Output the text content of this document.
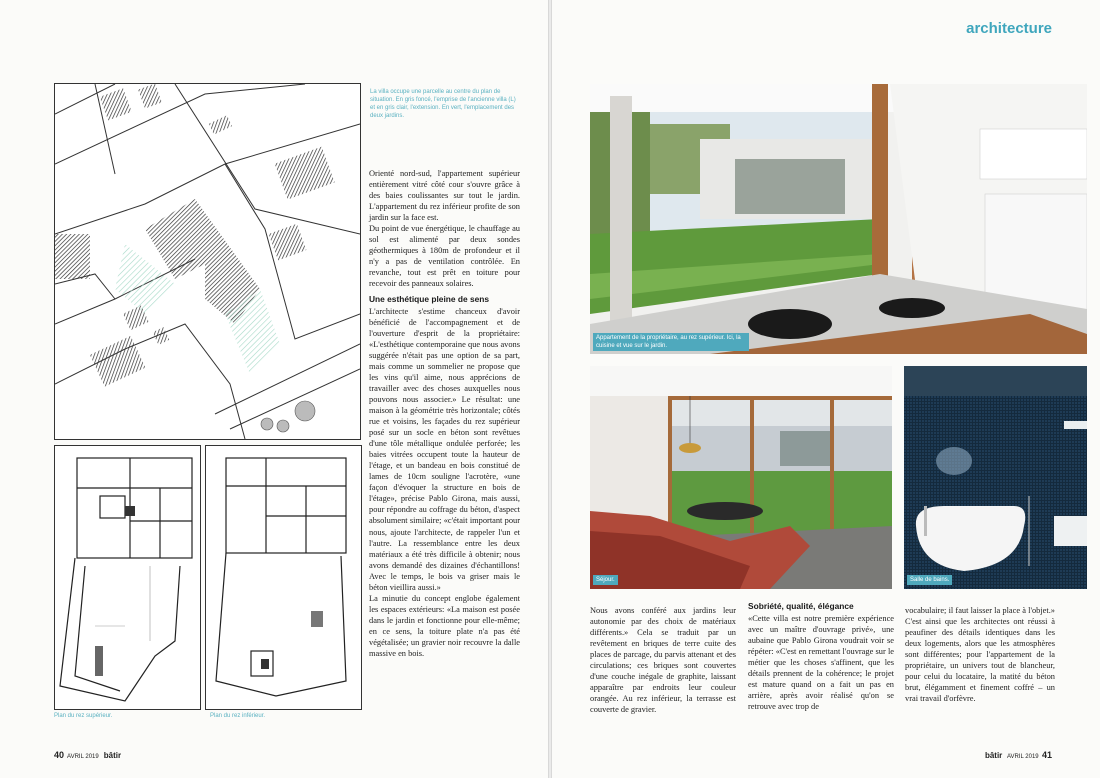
La villa occupe une parcelle au centre du plan de situation. En gris foncé, l'emprise de l'ancienne villa (L) et en gris clair, l'extension. En vert, l'emplacement des deux jardins.
Plan du rez supérieur.	Plan du rez inférieur.

Orienté nord-sud, l'appartement supérieur entièrement vitré côté cour s'ouvre grâce à des baies coulissantes sur tout le jardin. L'appartement du rez inférieur profite de son jardin sur la face est.

Du point de vue énergétique, le chauffage au sol est alimenté par deux sondes géothermiques à 180m de profondeur et il n'y a pas de ventilation contrôlée. En revanche, tout est prêt en toiture pour recevoir des panneaux solaires.

Une esthétique pleine de sens

L'architecte s'estime chanceux d'avoir bénéficié de l'accompagnement et de l'ouverture d'esprit de la propriétaire: «L'esthétique contemporaine que nous avons suggérée n'était pas une option de sa part, mais comme un sommelier ne propose que les vins qu'il aime, nous apprécions de travailler avec des choses auxquelles nous pouvons nous associer.» Le résultat: une maison à la géométrie très horizontale; côtés rue et voisins, les façades du rez supérieur posé sur un socle en béton sont revêtues d'une tôle métallique ondulée perforée; les baies vitrées occupent toute la hauteur de l'étage, et un bandeau en bois constitué de lames de 10cm souligne l'acrotère, «une façon d'évoquer la structure en bois de l'étage», précise Pablo Girona, mais aussi, pour répondre au coffrage du béton, d'aspect absolument similaire; «c'était important pour nous, ajoute l'architecte, de rappeler l'un et l'autre. La ressemblance entre les deux matériaux a été très difficile à obtenir; nous avons demandé des dizaines d'échantillons! Avec le temps, le bois va griser mais le béton vieillira aussi.»

La minutie du concept englobe également les espaces extérieurs: «La maison est posée dans le jardin et fonctionne pour elle-même; en ce sens, la toiture plate n'a pas été végétalisée; un gravier noir recouvre la dalle massive en bois.

40 AVRIL 2019 bâtir
architecture
Appartement de la propriétaire, au rez supérieur. Ici, la cuisine et vue sur le jardin.
Séjour.	Salle de bains.

Nous avons conféré aux jardins leur autonomie par des choix de matériaux différents.» Cela se traduit par un revêtement en briques de terre cuite des places de parcage, du parvis attenant et des circulations; ces briques sont couvertes d'une couche inégale de graphite, laissant apparaître par endroits leur couleur orangée. Au rez inférieur, la terrasse est couverte de gravier.

Sobriété, qualité, élégance

«Cette villa est notre première expérience avec un maître d'ouvrage privé», une aubaine que Pablo Girona voudrait voir se répéter: «C'est en remettant l'ouvrage sur le métier que les choses s'affinent, que les détails prennent de la cohérence; le projet est mature quand on a fait un pas en arrière, après avoir réalisé qu'on se retrouve avec trop de

vocabulaire; il faut laisser la place à l'objet.» C'est ainsi que les architectes ont réussi à peaufiner des détails identiques dans les deux logements, alors que les atmosphères sont différentes; pour l'appartement de la propriétaire, un univers tout de blancheur, pour celui du locataire, la matité du béton brut, élégamment et finement coffré – un vrai travail d'orfèvre.

bâtir AVRIL 2019 41
